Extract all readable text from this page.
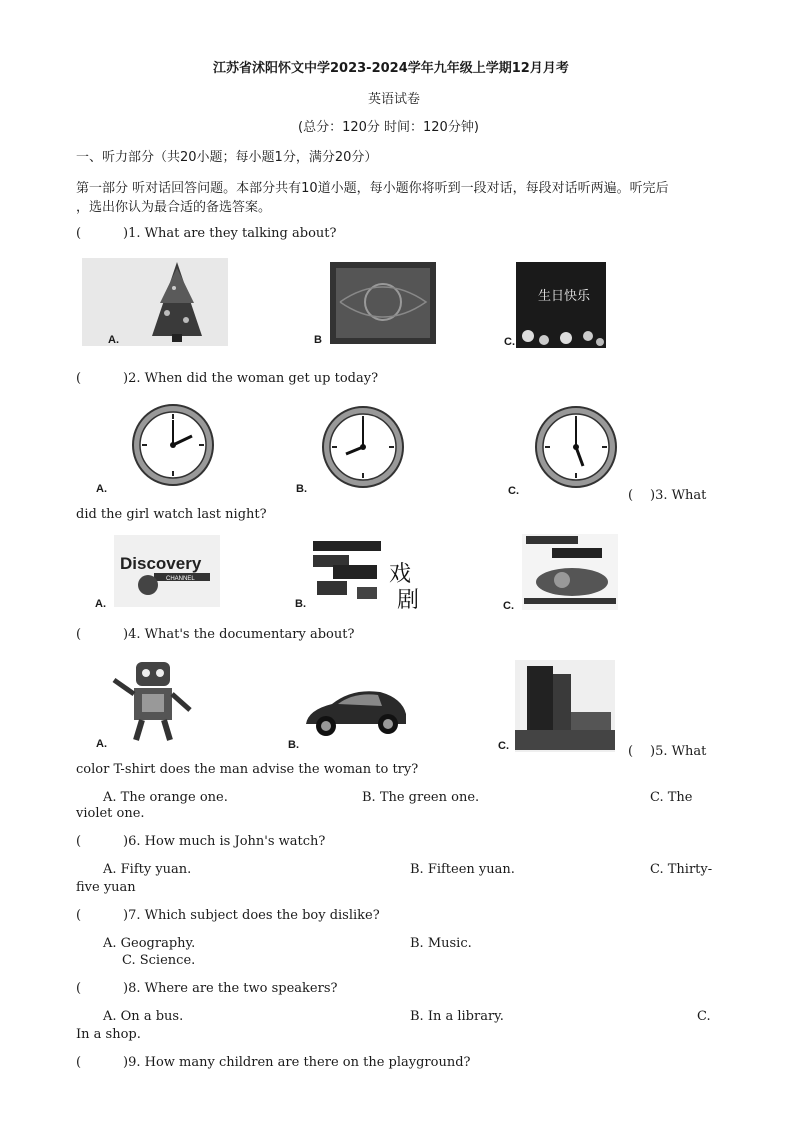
江苏省沭阳怀文中学2023-2024学年九年级上学期12月月考
英语试卷
(总分：120分 时间：120分钟)
一、听力部分（共20小题；每小题1分，满分20分）
第一部分 听对话回答问题。本部分共有10道小题，每小题你将听到一段对话，每段对话听两遍。听完后
，选出你认为最合适的备选答案。
(	)1. What are they talking about?
A.	B
生日快乐
C.
(	)2. When did the woman get up today?
A.	B.	C.	( )3. What
did the girl watch last night?
Discovery
CHANNEL
A.
戏
剧
B.	C.
(	)4. What's the documentary about?
A.	B.	C.	( )5. What
color T-shirt does the man advise the woman to try?
A. The orange one.	B. The green one.	C. The
violet one.
(	)6. How much is John's watch?
A. Fifty yuan.	B. Fifteen yuan.	C. Thirty-
five yuan
(	)7. Which subject does the boy dislike?
A. Geography.	B. Music.
C. Science.
(	)8. Where are the two speakers?
A. On a bus.	B. In a library.	C.
In a shop.
(	)9. How many children are there on the playground?
